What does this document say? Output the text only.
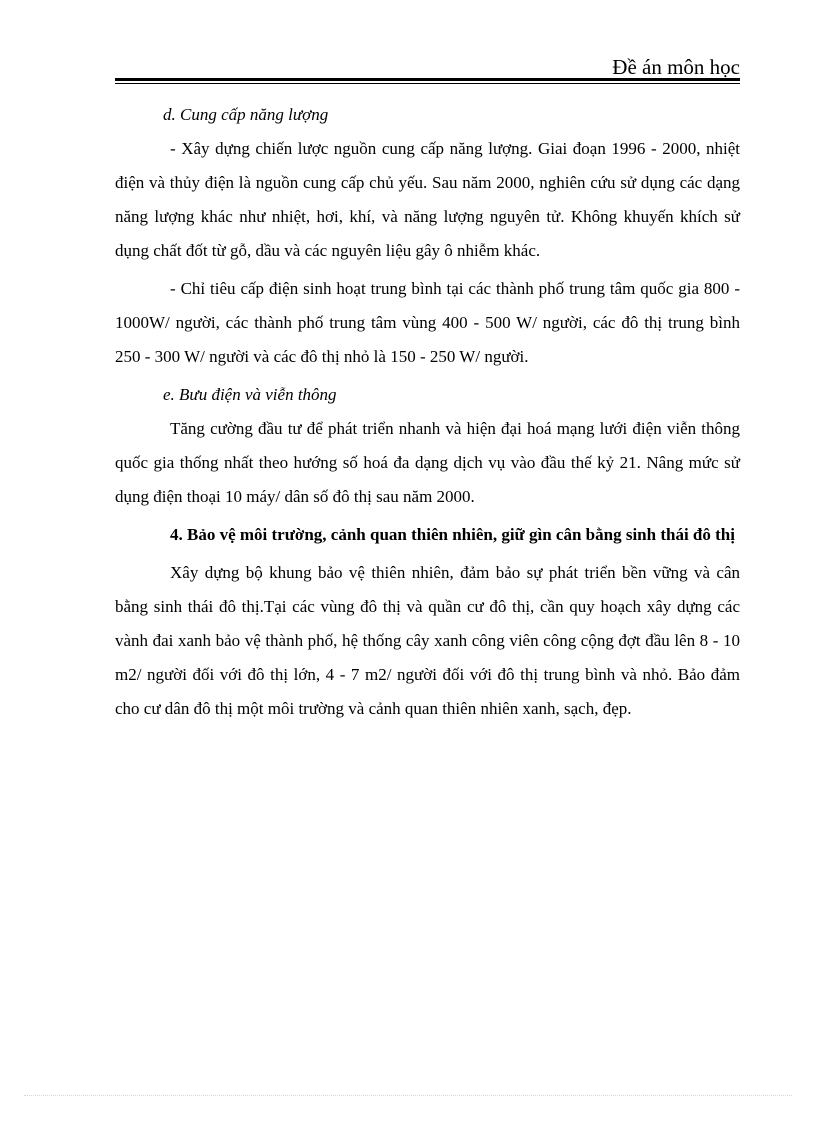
Đề án môn học

d. Cung cấp năng lượng

- Xây dựng chiến lược nguồn cung cấp năng lượng. Giai đoạn 1996 - 2000, nhiệt điện và thủy điện là nguồn cung cấp chủ yếu. Sau năm 2000, nghiên cứu sử dụng các dạng năng lượng khác như nhiệt, hơi, khí, và năng lượng nguyên tử. Không khuyến khích sử dụng chất đốt từ gỗ, dầu và các nguyên liệu gây ô nhiễm khác.

- Chỉ tiêu cấp điện sinh hoạt trung bình tại các thành phố trung tâm quốc gia 800 - 1000W/ người, các thành phố trung tâm vùng 400 - 500 W/ người, các đô thị trung bình 250 - 300 W/ người và các đô thị nhỏ là 150 - 250 W/ người.

e. Bưu điện và viễn thông

Tăng cường đầu tư để phát triển nhanh và hiện đại hoá mạng lưới điện viễn thông quốc gia thống nhất theo hướng số hoá đa dạng dịch vụ vào đầu thế kỷ 21. Nâng mức sử dụng điện thoại 10 máy/ dân số đô thị sau năm 2000.

4. Bảo vệ môi trường, cảnh quan thiên nhiên, giữ gìn cân bằng sinh thái đô thị

Xây dựng bộ khung bảo vệ thiên nhiên, đảm bảo sự phát triển bền vững và cân bằng sinh thái đô thị.Tại các vùng đô thị và quần cư đô thị, cần quy hoạch xây dựng các vành đai xanh bảo vệ thành phố, hệ thống cây xanh công viên công cộng đợt đầu lên 8 - 10 m2/ người đối với đô thị lớn, 4 - 7 m2/ người đối với đô thị trung bình và nhỏ. Bảo đảm cho cư dân đô thị một môi trường và cảnh quan thiên nhiên xanh, sạch, đẹp.
